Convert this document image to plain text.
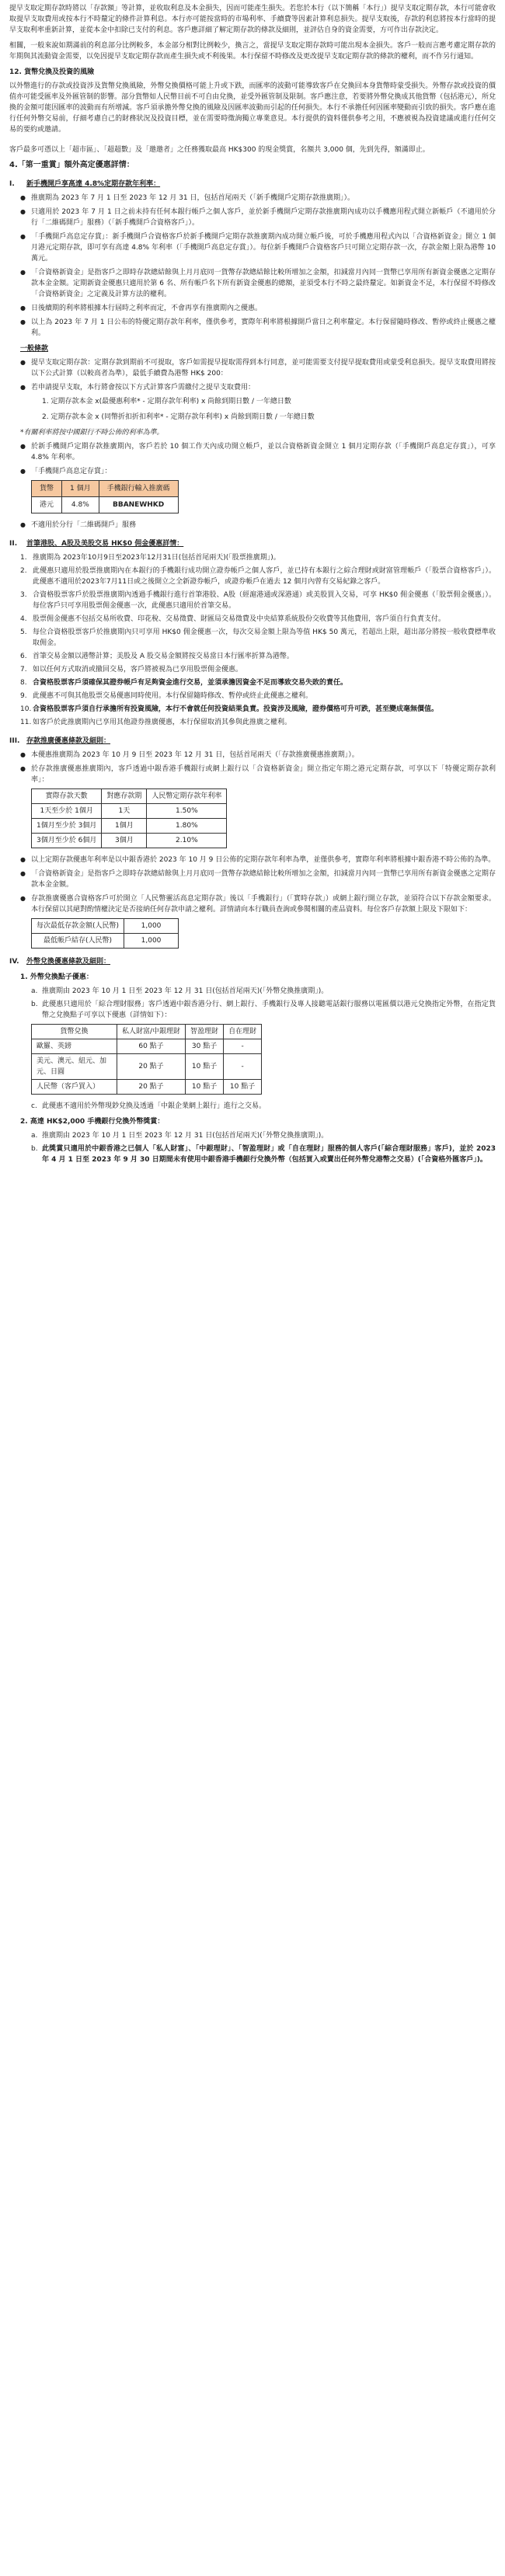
提早支取定期存款時將以「存款額」等計算，並收取利息及本金損失，因而可能產生損失。若您於本行（以下簡稱「本行」）提早支取定期存款，本行可能會收取提早支取費用或按本行不時釐定的條件計算利息。本行亦可能按當時的市場利率、手續費等因素計算利息損失。提早支取後，存款的利息將按本行當時的提早支取利率重新計算，並從本金中扣除已支付的利息。客戶應詳細了解定期存款的條款及細則，並評估自身的資金需要，方可作出存款決定。

相關，一般來說如期滿前的利息部分比例較多，本金部分相對比例較少，換言之，當提早支取定期存款時可能出現本金損失。客戶一般而言應考慮定期存款的年期與其流動資金需要，以免因提早支取定期存款而產生損失或不利後果。本行保留不時修改及更改提早支取定期存款的條款的權利，而不作另行通知。

12. 貨幣兌換及投資的風險

以外幣進行的存款或投資涉及貨幣兌換風險，外幣兌換價格可能上升或下跌，而匯率的波動可能導致客戶在兌換回本身貨幣時蒙受損失。外幣存款或投資的價值亦可能受匯率及外匯管制的影響。部分貨幣如人民幣目前不可自由兌換，並受外匯管制及限制。客戶應注意，若要將外幣兌換成其他貨幣（包括港元），所兌換的金額可能因匯率的波動而有所增減。客戶須承擔外幣兌換的風險及因匯率波動而引起的任何損失。本行不承擔任何因匯率變動而引致的損失。客戶應在進行任何外幣交易前，仔細考慮自己的財務狀況及投資目標，並在需要時徵詢獨立專業意見。本行提供的資料僅供參考之用，不應被視為投資建議或進行任何交易的要約或邀請。

客戶最多可憑以上「超市區」、「超超數」及「邀邀者」之任務獲取最高 HK$300 的現金獎賞，名額共 3,000 個，先到先得，額滿即止。

4.「第一重賞」額外高定優惠詳情：
I.	新手機開戶享高達 4.8%定期存款年利率：
● 推廣期為 2023 年 7 月 1 日至 2023 年 12 月 31 日，包括首尾兩天（「新手機開戶定期存款推廣期」）。
● 只適用於 2023 年 7 月 1 日之前未持有任何本銀行帳戶之個人客戶，並於新手機開戶定期存款推廣期內成功以手機應用程式開立新帳戶（不適用於分行「二維碼開戶」服務）（「新手機開戶合資格客戶」）。
● 「手機開戶高息定存賞」：新手機開戶合資格客戶於新手機開戶定期存款推廣期內成功開立帳戶後，可於手機應用程式內以「合資格新資金」開立 1 個月港元定期存款，即可享有高達 4.8% 年利率（「手機開戶高息定存賞」）。每位新手機開戶合資格客戶只可開立定期存款一次，存款金額上限為港幣 10 萬元。
● 「合資格新資金」是指客戶之即時存款總結餘與上月月底同一貨幣存款總結餘比較所增加之金額，扣減當月內同一貨幣已享用所有新資金優惠之定期存款本金金額。定期新資金優惠只適用於第 6 名、所有帳戶名下所有新資金優惠的總額，並須受本行不時之最終釐定。如新資金不足，本行保留不時修改「合資格新資金」之定義及計算方法的權利。
● 日後續期的利率將根據本行屆時之利率而定，不會再享有推廣期內之優惠。
● 以上為 2023 年 7 月 1 日公布的特優定期存款年利率，僅供參考，實際年利率將根據開戶當日之利率釐定。本行保留隨時修改、暫停或終止優惠之權利。
一般條款
● 提早支取定期存款：定期存款到期前不可提取，客戶如需提早提取需得到本行同意，並可能需要支付提早提取費用或蒙受利息損失。提早支取費用將按以下公式計算（以較高者為準），最低手續費為港幣 HK$ 200：
● 若申請提早支取，本行將會按以下方式計算客戶需繳付之提早支取費用：

1. 定期存款本金 x(最優惠利率* - 定期存款年利率) x 尚餘到期日數 / 一年總日數

2. 定期存款本金 x (同幣折扣折扣利率* - 定期存款年利率) x 尚餘到期日數 / 一年總日數

*有關利率將按中國銀行不時公佈的利率為準。
● 於新手機開戶定期存款推廣期內，客戶若於 10 個工作天內成功開立帳戶，並以合資格新資金開立 1 個月定期存款（「手機開戶高息定存賞」），可享 4.8% 年利率。
● 「手機開戶高息定存賞」：
貨幣	1 個月	手機銀行輸入推廣碼
港元	4.8%	BBANEWHKD
● 不適用於分行「二維碼開戶」服務
II.	首筆港股、A股及美股交易 HK$0 佣金優惠詳情：
1. 推廣期為 2023年10月9日至2023年12月31日(包括首尾兩天)(「股票推廣期」)。
2. 此優惠只適用於股票推廣期內在本銀行的手機銀行成功開立證券帳戶之個人客戶，並已持有本銀行之綜合理財或財富管理帳戶（「股票合資格客戶」）。此優惠不適用於2023年7月11日或之後開立之全新證券帳戶，或證券帳戶在過去 12 個月內曾有交易紀錄之客戶。
3. 合資格股票客戶於股票推廣期內透過手機銀行進行首筆港股、A股（經滬港通或深港通）或美股買入交易，可享 HK$0 佣金優惠（「股票佣金優惠」）。每位客戶只可享用股票佣金優惠一次，此優惠只適用於首筆交易。
4. 股票佣金優惠不包括交易所收費、印花稅、交易徵費、財匯局交易徵費及中央結算系統股份交收費等其他費用，客戶須自行負責支付。
5. 每位合資格股票客戶於推廣期內只可享用 HK$0 佣金優惠一次，每次交易金額上限為等值 HK$ 50 萬元，若超出上限，超出部分將按一般收費標準收取佣金。
6. 首筆交易金額以港幣計算；美股及 A 股交易金額將按交易當日本行匯率折算為港幣。
7. 如以任何方式取消或撤回交易，客戶將被視為已享用股票佣金優惠。
8. 合資格股票客戶須確保其證券帳戶有足夠資金進行交易，並須承擔因資金不足而導致交易失敗的責任。
9. 此優惠不可與其他股票交易優惠同時使用。本行保留隨時修改、暫停或終止此優惠之權利。
10. 合資格股票客戶須自行承擔所有投資風險，本行不會就任何投資結果負責。投資涉及風險，證券價格可升可跌，甚至變成毫無價值。
11. 如客戶於此推廣期內已享用其他證券推廣優惠，本行保留取消其參與此推廣之權利。
III. 存款推廣優惠條款及細則：
● 本優惠推廣期為 2023 年 10 月 9 日至 2023 年 12 月 31 日，包括首尾兩天（「存款推廣優惠推廣期」）。
● 於存款推廣優惠推廣期內，客戶透過中銀香港手機銀行或網上銀行以「合資格新資金」開立指定年期之港元定期存款，可享以下「特優定期存款利率」：
實際存款天數	對應存款期	人民幣定期存款年利率
1天至少於 1個月	1天	1.50%
1個月至少於 3個月	1個月	1.80%
3個月至少於 6個月	3個月	2.10%
● 以上定期存款優惠年利率是以中銀香港於 2023 年 10 月 9 日公佈的定期存款年利率為準，並僅供參考，實際年利率將根據中銀香港不時公佈的為準。
● 「合資格新資金」是指客戶之即時存款總結餘與上月月底同一貨幣存款總結餘比較所增加之金額，扣減當月內同一貨幣已享用所有新資金優惠之定期存款本金金額。
● 存款推廣優惠合資格客戶可於開立「人民幣靈活高息定期存款」後以「手機銀行」（「實時存款」）或網上銀行開立存款，並須符合以下存款金額要求。本行保留以其絕對酌情權決定是否接納任何存款申請之權利。詳情請向本行職員查詢或參閱相關的產品資料。每位客戶存款額上限及下限如下：
每次最低存款金額(人民幣)	1,000
最低帳戶結存(人民幣)	1,000
IV.	外幣兌換優惠條款及細則：
1. 外幣兌換點子優惠：
a. 推廣期由 2023 年 10 月 1 日至 2023 年 12 月 31 日(包括首尾兩天)(「外幣兌換推廣期」)。
b. 此優惠只適用於「綜合理財服務」客戶透過中銀香港分行、網上銀行、手機銀行及專人接聽電話銀行服務以電匯價以港元兌換指定外幣，在指定貨幣之兌換點子可享以下優惠（詳情如下）：
貨幣兌換	私人財富/中銀理財	智盈理財	自在理財
歐羅、英鎊	60 點子	30 點子	-
美元、澳元、紐元、加元、日圓	20 點子	10 點子	-
人民幣（客戶買入）	20 點子	10 點子	10 點子
c. 此優惠不適用於外幣現鈔兌換及透過「中銀企業網上銀行」進行之交易。
2. 高達 HK$2,000 手機銀行兌換外幣獎賞：
a. 推廣期由 2023 年 10 月 1 日至 2023 年 12 月 31 日(包括首尾兩天)(「外幣兌換推廣期」)。
b. 此獎賞只適用於中銀香港之已個人「私人財富」、「中銀理財」、「智盈理財」或「自在理財」服務的個人客戶(「綜合理財服務」客戶)，並於 2023 年 4 月 1 日至 2023 年 9 月 30 日期間未有使用中銀香港手機銀行兌換外幣（包括買入或賣出任何外幣兌港幣之交易）(「合資格外匯客戶」)。
